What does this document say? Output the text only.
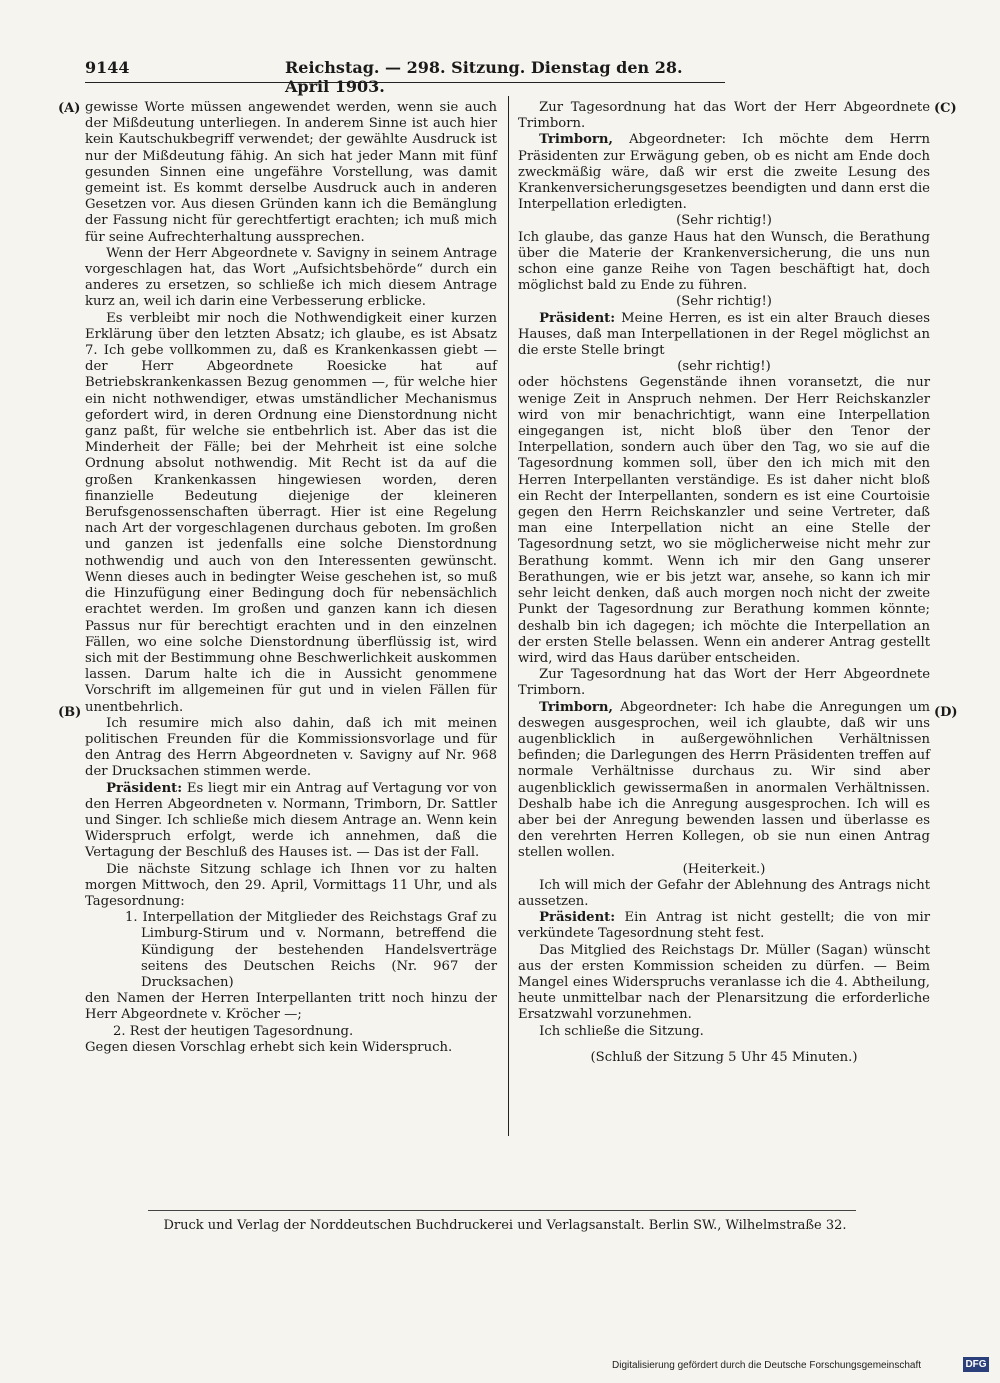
9144	Reichstag. — 298. Sitzung. Dienstag den 28. April 1903.
(A)
(B)
(C)
(D)

gewisse Worte müssen angewendet werden, wenn sie auch der Mißdeutung unterliegen. In anderem Sinne ist auch hier kein Kautschukbegriff verwendet; der gewählte Ausdruck ist nur der Mißdeutung fähig. An sich hat jeder Mann mit fünf gesunden Sinnen eine ungefähre Vorstellung, was damit gemeint ist. Es kommt derselbe Ausdruck auch in anderen Gesetzen vor. Aus diesen Gründen kann ich die Bemänglung der Fassung nicht für gerechtfertigt erachten; ich muß mich für seine Aufrechterhaltung aussprechen.

Wenn der Herr Abgeordnete v. Savigny in seinem Antrage vorgeschlagen hat, das Wort „Aufsichtsbehörde“ durch ein anderes zu ersetzen, so schließe ich mich diesem Antrage kurz an, weil ich darin eine Verbesserung erblicke.

Es verbleibt mir noch die Nothwendigkeit einer kurzen Erklärung über den letzten Absatz; ich glaube, es ist Absatz 7. Ich gebe vollkommen zu, daß es Krankenkassen giebt — der Herr Abgeordnete Roesicke hat auf Betriebskrankenkassen Bezug genommen —, für welche hier ein nicht nothwendiger, etwas umständlicher Mechanismus gefordert wird, in deren Ordnung eine Dienstordnung nicht ganz paßt, für welche sie entbehrlich ist. Aber das ist die Minderheit der Fälle; bei der Mehrheit ist eine solche Ordnung absolut nothwendig. Mit Recht ist da auf die großen Krankenkassen hingewiesen worden, deren finanzielle Bedeutung diejenige der kleineren Berufsgenossenschaften überragt. Hier ist eine Regelung nach Art der vorgeschlagenen durchaus geboten. Im großen und ganzen ist jedenfalls eine solche Dienstordnung nothwendig und auch von den Interessenten gewünscht. Wenn dieses auch in bedingter Weise geschehen ist, so muß die Hinzufügung einer Bedingung doch für nebensächlich erachtet werden. Im großen und ganzen kann ich diesen Passus nur für berechtigt erachten und in den einzelnen Fällen, wo eine solche Dienstordnung überflüssig ist, wird sich mit der Bestimmung ohne Beschwerlichkeit auskommen lassen. Darum halte ich die in Aussicht genommene Vorschrift im allgemeinen für gut und in vielen Fällen für unentbehrlich.

Ich resumire mich also dahin, daß ich mit meinen politischen Freunden für die Kommissionsvorlage und für den Antrag des Herrn Abgeordneten v. Savigny auf Nr. 968 der Drucksachen stimmen werde.

Präsident: Es liegt mir ein Antrag auf Vertagung vor von den Herren Abgeordneten v. Normann, Trimborn, Dr. Sattler und Singer. Ich schließe mich diesem Antrage an. Wenn kein Widerspruch erfolgt, werde ich annehmen, daß die Vertagung der Beschluß des Hauses ist. — Das ist der Fall.

Die nächste Sitzung schlage ich Ihnen vor zu halten morgen Mittwoch, den 29. April, Vormittags 11 Uhr, und als Tagesordnung:

1. Interpellation der Mitglieder des Reichstags Graf zu Limburg-Stirum und v. Normann, betreffend die Kündigung der bestehenden Handelsverträge seitens des Deutschen Reichs (Nr. 967 der Drucksachen)

den Namen der Herren Interpellanten tritt noch hinzu der Herr Abgeordnete v. Kröcher —;

2. Rest der heutigen Tagesordnung.

Gegen diesen Vorschlag erhebt sich kein Widerspruch.

Zur Tagesordnung hat das Wort der Herr Abgeordnete Trimborn.

Trimborn, Abgeordneter: Ich möchte dem Herrn Präsidenten zur Erwägung geben, ob es nicht am Ende doch zweckmäßig wäre, daß wir erst die zweite Lesung des Krankenversicherungsgesetzes beendigten und dann erst die Interpellation erledigten.

(Sehr richtig!)

Ich glaube, das ganze Haus hat den Wunsch, die Berathung über die Materie der Krankenversicherung, die uns nun schon eine ganze Reihe von Tagen beschäftigt hat, doch möglichst bald zu Ende zu führen.

(Sehr richtig!)

Präsident: Meine Herren, es ist ein alter Brauch dieses Hauses, daß man Interpellationen in der Regel möglichst an die erste Stelle bringt

(sehr richtig!)

oder höchstens Gegenstände ihnen voransetzt, die nur wenige Zeit in Anspruch nehmen. Der Herr Reichskanzler wird von mir benachrichtigt, wann eine Interpellation eingegangen ist, nicht bloß über den Tenor der Interpellation, sondern auch über den Tag, wo sie auf die Tagesordnung kommen soll, über den ich mich mit den Herren Interpellanten verständige. Es ist daher nicht bloß ein Recht der Interpellanten, sondern es ist eine Courtoisie gegen den Herrn Reichskanzler und seine Vertreter, daß man eine Interpellation nicht an eine Stelle der Tagesordnung setzt, wo sie möglicherweise nicht mehr zur Berathung kommt. Wenn ich mir den Gang unserer Berathungen, wie er bis jetzt war, ansehe, so kann ich mir sehr leicht denken, daß auch morgen noch nicht der zweite Punkt der Tagesordnung zur Berathung kommen könnte; deshalb bin ich dagegen; ich möchte die Interpellation an der ersten Stelle belassen. Wenn ein anderer Antrag gestellt wird, wird das Haus darüber entscheiden.

Zur Tagesordnung hat das Wort der Herr Abgeordnete Trimborn.

Trimborn, Abgeordneter: Ich habe die Anregungen um deswegen ausgesprochen, weil ich glaubte, daß wir uns augenblicklich in außergewöhnlichen Verhältnissen befinden; die Darlegungen des Herrn Präsidenten treffen auf normale Verhältnisse durchaus zu. Wir sind aber augenblicklich gewissermaßen in anormalen Verhältnissen. Deshalb habe ich die Anregung ausgesprochen. Ich will es aber bei der Anregung bewenden lassen und überlasse es den verehrten Herren Kollegen, ob sie nun einen Antrag stellen wollen.

(Heiterkeit.)

Ich will mich der Gefahr der Ablehnung des Antrags nicht aussetzen.

Präsident: Ein Antrag ist nicht gestellt; die von mir verkündete Tagesordnung steht fest.

Das Mitglied des Reichstags Dr. Müller (Sagan) wünscht aus der ersten Kommission scheiden zu dürfen. — Beim Mangel eines Widerspruchs veranlasse ich die 4. Abtheilung, heute unmittelbar nach der Plenarsitzung die erforderliche Ersatzwahl vorzunehmen.

Ich schließe die Sitzung.

(Schluß der Sitzung 5 Uhr 45 Minuten.)

Druck und Verlag der Norddeutschen Buchdruckerei und Verlagsanstalt. Berlin SW., Wilhelmstraße 32.
Digitalisierung gefördert durch die Deutsche Forschungsgemeinschaft	DFG
